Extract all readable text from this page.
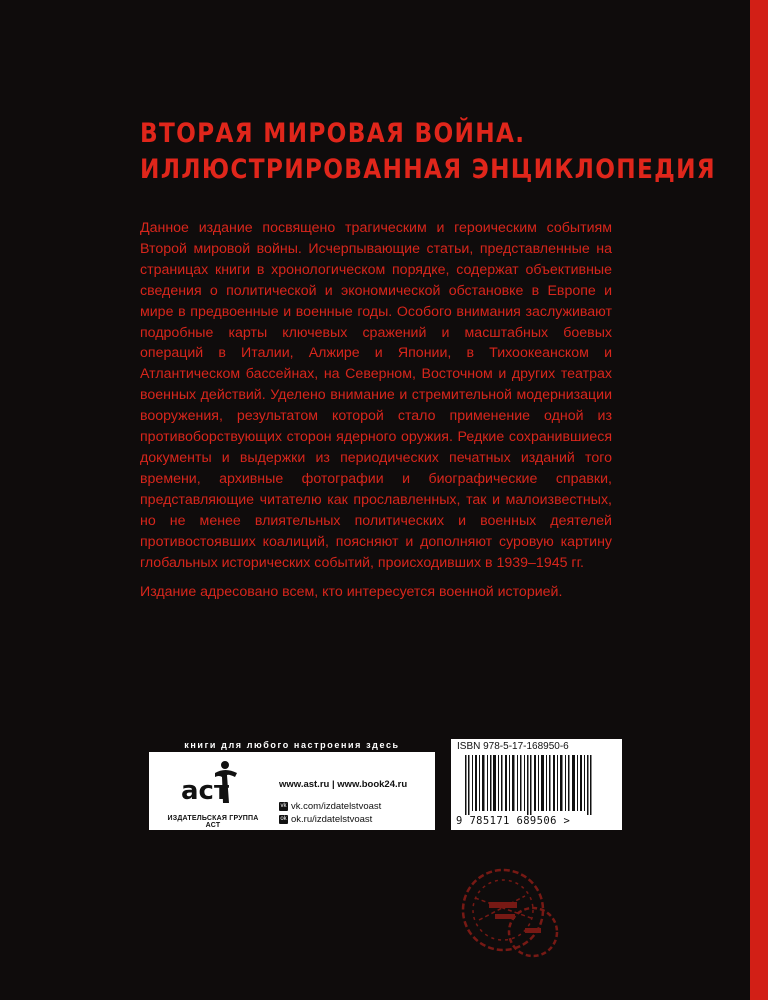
ВТОРАЯ МИРОВАЯ ВОЙНА.
ИЛЛЮСТРИРОВАННАЯ ЭНЦИКЛОПЕДИЯ

Данное издание посвящено трагическим и героическим событиям Второй мировой войны. Исчерпывающие статьи, представленные на страницах книги в хронологическом порядке, содержат объективные сведения о политической и экономической обстановке в Европе и мире в предвоенные и военные годы. Особого внимания заслуживают подробные карты ключевых сражений и масштабных боевых операций в Италии, Алжире и Японии, в Тихоокеанском и Атлантическом бассейнах, на Северном, Восточном и других театрах военных действий. Уделено внимание и стремительной модернизации вооружения, результатом которой стало применение одной из противоборствующих сторон ядерного оружия. Редкие сохранившиеся документы и выдержки из периодических печатных изданий того времени, архивные фотографии и биографические справки, представляющие читателю как прославленных, так и малоизвестных, но не менее влиятельных политических и военных деятелей противостоявших коалиций, поясняют и дополняют суровую картину глобальных исторических событий, происходивших в 1939–1945 гг.

Издание адресовано всем, кто интересуется военной историей.

книги для любого настроения здесь
аст
ИЗДАТЕЛЬСКАЯ ГРУППА АСТ
www.ast.ru | www.book24.ru
vk vk.com/izdatelstvoast
ok ok.ru/izdatelstvoast
ISBN 978-5-17-168950-6
9 785171 689506 >
